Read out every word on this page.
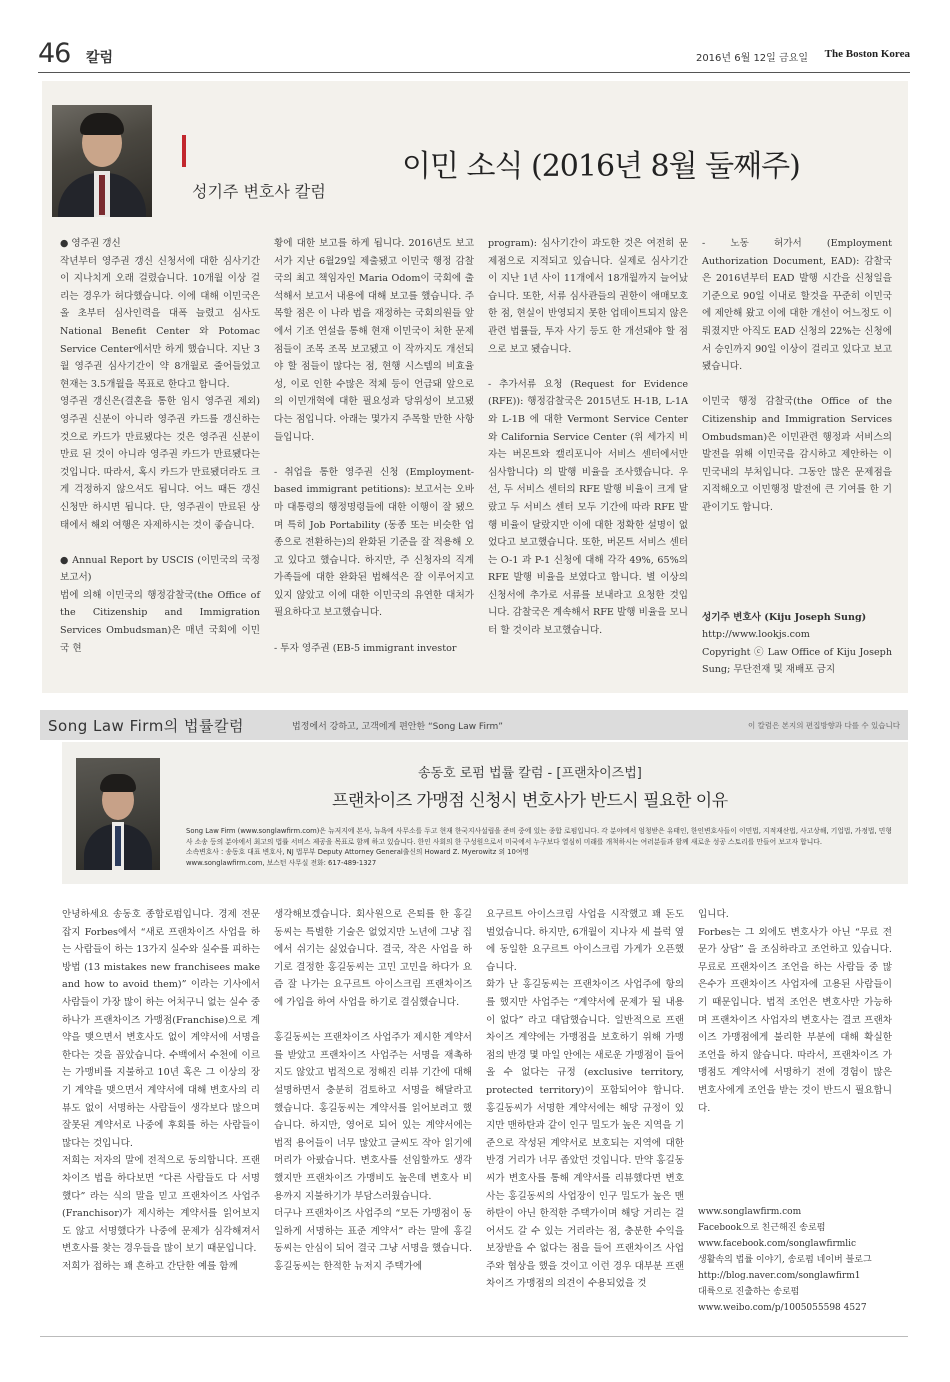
46 칼럼	2016년 6월 12일 금요일 The Boston Korea
성기주 변호사 칼럼
이민 소식 (2016년 8월 둘째주)

● 영주권 갱신
작년부터 영주권 갱신 신청서에 대한 심사기간이 지나치게 오래 걸렸습니다. 10개월 이상 걸리는 경우가 허다했습니다. 이에 대해 이민국은 올 초부터 심사인력을 대폭 늘렸고 심사도 National Benefit Center 와 Potomac Service Center에서만 하게 했습니다. 지난 3월 영주권 심사기간이 약 8개월로 줄어들었고 현재는 3.5개월을 목표로 한다고 합니다.
영주권 갱신은(결혼을 통한 임시 영주권 제외) 영주권 신분이 아니라 영주권 카드를 갱신하는 것으로 카드가 만료됐다는 것은 영주권 신분이 만료 된 것이 아니라 영주권 카드가 만료됐다는 것입니다. 따라서, 혹시 카드가 만료됐더라도 크게 걱정하지 않으셔도 됩니다. 어느 때든 갱신 신청만 하시면 됩니다. 단, 영주권이 만료된 상태에서 해외 여행은 자제하시는 것이 좋습니다.

● Annual Report by USCIS (이민국의 국정 보고서)
법에 의해 이민국의 행정감찰국(the Office of the Citizenship and Immigration Services Ombudsman)은 매년 국회에 이민국 현

황에 대한 보고를 하게 됩니다. 2016년도 보고서가 지난 6월29일 제출됐고 이민국 행정 감찰국의 최고 책임자인 Maria Odom이 국회에 출석해서 보고서 내용에 대해 보고를 했습니다. 주목할 점은 이 나라 법을 재정하는 국회의원들 앞에서 기조 연설을 통해 현재 이민국이 처한 문제점들이 조목 조목 보고됐고 이 작까지도 개선되야 할 점들이 많다는 점, 현행 시스템의 비효율성, 이로 인한 수많은 적체 등이 언급돼 앞으로의 이민개혁에 대한 필요성과 당위성이 보고됐다는 점입니다. 아래는 몇가지 주목할 만한 사항들입니다.

- 취업을 통한 영주권 신청 (Employment-based immigrant petitions): 보고서는 오바마 대통령의 행정명령들에 대한 이행이 잘 됐으며 특히 Job Portability (동종 또는 비슷한 업종으로 전환하는)의 완화된 기준을 잘 적용해 오고 있다고 했습니다. 하지만, 주 신청자의 직계 가족들에 대한 완화된 법해석은 잘 이루어지고 있지 않았고 이에 대한 이민국의 유연한 대처가 필요하다고 보고했습니다.

- 투자 영주권 (EB-5 immigrant investor

program): 심사기간이 과도한 것은 여전히 문제점으로 지적되고 있습니다. 실제로 심사기간이 지난 1년 사이 11개에서 18개월까지 늘어났습니다. 또한, 서류 심사관들의 권한이 애매모호한 점, 현실이 반영되지 못한 업데이트되지 않은 관련 법률들, 투자 사기 등도 한 개선돼야 할 점으로 보고 됐습니다.

- 추가서류 요청 (Request for Evidence (RFE)): 행정감찰국은 2015년도 H-1B, L-1A 와 L-1B 에 대한 Vermont Service Center 와 California Service Center (위 세가지 비자는 버몬트와 캘리포니아 서비스 센터에서만 심사합니다) 의 발행 비율을 조사했습니다. 우선, 두 서비스 센터의 RFE 발행 비율이 크게 달랐고 두 서비스 센터 모두 기간에 따라 RFE 발행 비율이 달랐지만 이에 대한 정확한 설명이 없었다고 보고했습니다. 또한, 버몬트 서비스 센터는 O-1 과 P-1 신청에 대해 각각 49%, 65%의 RFE 발행 비율을 보였다고 합니다. 별 이상의 신청서에 추가로 서류를 보내라고 요청한 것입니다. 감찰국은 계속해서 RFE 발행 비율을 모니터 할 것이라 보고했습니다.

- 노동 허가서 (Employment Authorization Document, EAD): 감찰국은 2016년부터 EAD 발행 시간을 신청일을 기준으로 90일 이내로 할것을 꾸준히 이민국에 제안해 왔고 이에 대한 개선이 어느정도 이뤄졌지만 아직도 EAD 신청의 22%는 신청에서 승인까지 90일 이상이 걸리고 있다고 보고됐습니다.

이민국 행정 감찰국(the Office of the Citizenship and Immigration Services Ombudsman)은 이민관련 행정과 서비스의 발전을 위해 이민국을 감시하고 제안하는 이민국내의 부처입니다. 그동안 많은 문제점을 지적해오고 이민행정 발전에 큰 기여를 한 기관이기도 합니다.

성기주 변호사 (Kiju Joseph Sung)
http://www.lookjs.com
Copyright ⓒ Law Office of Kiju Joseph Sung; 무단전재 및 재배포 금지
Song Law Firm의 법률칼럼	법정에서 강하고, 고객에게 편안한 “Song Law Firm”	이 칼럼은 본지의 편집방향과 다를 수 있습니다
송동호 로펌 법률 칼럼 - [프랜차이즈법]
프랜차이즈 가맹점 신청시 변호사가 반드시 필요한 이유
Song Law Firm (www.songlawfirm.com)은 뉴저지에 본사, 뉴욕에 사무소를 두고 현재 한국지사설립을 준비 중에 있는 종합 로펌입니다. 각 분야에서 엄청받은 유태인, 한인변호사들이 이민법, 지적재산법, 사고상해, 기업법, 가정법, 민형사 소송 등의 분야에서 최고의 법률 서비스 제공을 목표로 함께 하고 있습니다. 한인 사회의 한 구성원으로서 미국에서 누구보다 열심히 미래를 개척하시는 여러분들과 함께 새로운 성공 스토리를 만들어 보고자 합니다.
소속변호사 : 송동호 대표 변호사, NJ 법무부 Deputy Attorney General출신의 Howard Z. Myerowitz 외 10여명
www.songlawfirm.com, 보스턴 사무실 전화: 617-489-1327

안녕하세요 송동호 종합로펌입니다. 경제 전문 잡지 Forbes에서 “새로 프랜차이즈 사업을 하는 사람들이 하는 13가지 실수와 실수를 피하는 방법 (13 mistakes new franchisees make and how to avoid them)” 이라는 기사에서 사람들이 가장 많이 하는 어처구니 없는 실수 중 하나가 프랜차이즈 가맹점(Franchise)으로 계약을 맺으면서 변호사도 없이 계약서에 서명을 한다는 것을 꼽았습니다. 수백에서 수천에 이르는 가맹비를 지불하고 10년 혹은 그 이상의 장기 계약을 맺으면서 계약서에 대해 변호사의 리뷰도 없이 서명하는 사람들이 생각보다 많으며 잘못된 계약서로 나중에 후회를 하는 사람들이 많다는 것입니다.
저희는 저자의 말에 전적으로 동의합니다. 프랜차이즈 법을 하다보면 “다른 사람들도 다 서명했다” 라는 식의 말을 믿고 프랜차이즈 사업주(Franchisor)가 제시하는 계약서를 읽어보지도 않고 서명했다가 나중에 문제가 심각해져서 변호사를 찾는 경우들을 많이 보기 때문입니다.
저희가 접하는 꽤 흔하고 간단한 예를 함께

생각해보겠습니다. 회사원으로 은퇴를 한 홍길동씨는 특별한 기술은 없었지만 노년에 그냥 집에서 쉬기는 싫었습니다. 결국, 작은 사업을 하기로 결정한 홍길동씨는 고민 고민을 하다가 요즘 잘 나가는 요구르트 아이스크림 프랜차이즈에 가입을 하여 사업을 하기로 결심했습니다.

홍길동씨는 프랜차이즈 사업주가 제시한 계약서를 받았고 프랜차이즈 사업주는 서명을 재촉하지도 않았고 법적으로 정해진 리뷰 기간에 대해 설명하면서 충분히 검토하고 서명을 해달라고 했습니다. 홍길동씨는 계약서를 읽어보려고 했습니다. 하지만, 영어로 되어 있는 계약서에는 법적 용어들이 너무 많았고 글씨도 작아 읽기에 머리가 아팠습니다. 변호사를 선임할까도 생각했지만 프랜차이즈 가맹비도 높은데 변호사 비용까지 지불하기가 부담스러웠습니다.
더구나 프랜차이즈 사업주의 “모든 가맹점이 동일하게 서명하는 표준 계약서” 라는 말에 홍길동씨는 안심이 되어 결국 그냥 서명을 했습니다. 홍길동씨는 한적한 뉴저지 주택가에

요구르트 아이스크림 사업을 시작했고 꽤 돈도 벌었습니다. 하지만, 6개월이 지나자 세 블럭 옆에 동일한 요구르트 아이스크림 가게가 오픈했습니다.
화가 난 홍길동씨는 프랜차이즈 사업주에 항의를 했지만 사업주는 “계약서에 문제가 될 내용이 없다” 라고 대답했습니다. 일반적으로 프랜차이즈 계약에는 가맹점을 보호하기 위해 가맹점의 반경 몇 마일 안에는 새로운 가맹점이 들어올 수 없다는 규정 (exclusive territory, protected territory)이 포함되어야 합니다. 홍길동씨가 서명한 계약서에는 해당 규정이 있지만 맨하탄과 같이 인구 밀도가 높은 지역을 기준으로 작성된 계약서로 보호되는 지역에 대한 반경 거리가 너무 좁았던 것입니다. 만약 홍길동씨가 변호사를 통해 계약서를 리뷰했다면 변호사는 홍길동씨의 사업장이 인구 밀도가 높은 맨하탄이 아닌 한적한 주택가이며 해당 거리는 걸어서도 갈 수 있는 거리라는 점, 충분한 수익을 보장받을 수 없다는 점을 들어 프랜차이즈 사업주와 협상을 했을 것이고 이런 경우 대부분 프랜차이즈 가맹점의 의견이 수용되었을 것

입니다.
Forbes는 그 외에도 변호사가 아닌 “무료 전문가 상담” 을 조심하라고 조언하고 있습니다. 무료로 프랜차이즈 조언을 하는 사람들 중 많은수가 프랜차이즈 사업자에 고용된 사람들이기 때문입니다. 법적 조언은 변호사만 가능하며 프랜차이즈 사업자의 변호사는 결코 프랜차이즈 가맹점에게 불리한 부분에 대해 확실한 조언을 하지 않습니다. 따라서, 프랜차이즈 가맹점도 계약서에 서명하기 전에 경험이 많은 변호사에게 조언을 받는 것이 반드시 필요합니다.

www.songlawfirm.com
Facebook으로 친근해진 송로펌
www.facebook.com/songlawfirmlic
생활속의 법률 이야기, 송로펌 네이버 블로그
http://blog.naver.com/songlawfirm1
대륙으로 진출하는 송로펌
www.weibo.com/p/1005055598 4527
